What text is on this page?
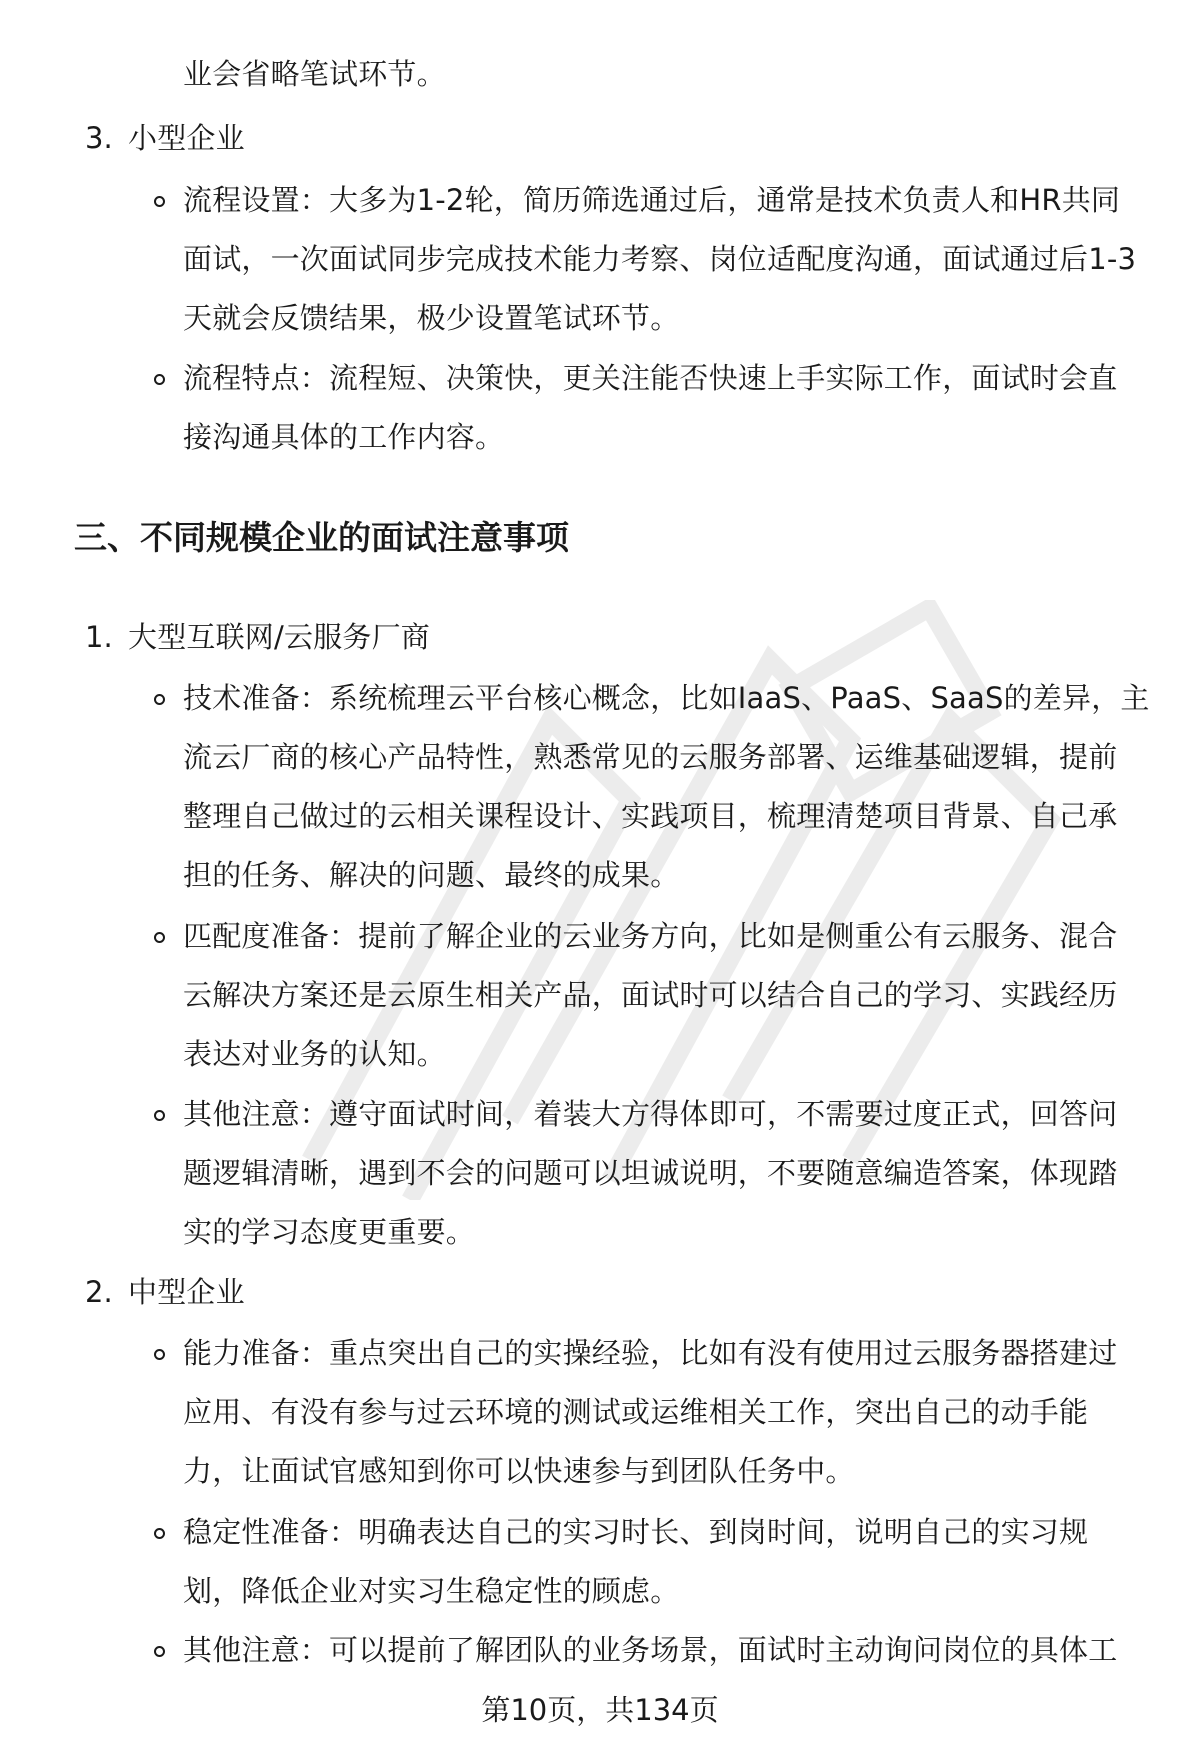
业会省略笔试环节。
3. 小型企业
流程设置：大多为1-2轮，简历筛选通过后，通常是技术负责人和HR共同
面试，一次面试同步完成技术能力考察、岗位适配度沟通，面试通过后1-3
天就会反馈结果，极少设置笔试环节。
流程特点：流程短、决策快，更关注能否快速上手实际工作，面试时会直
接沟通具体的工作内容。
三、不同规模企业的面试注意事项
1. 大型互联网/云服务厂商
技术准备：系统梳理云平台核心概念，比如IaaS、PaaS、SaaS的差异，主
流云厂商的核心产品特性，熟悉常见的云服务部署、运维基础逻辑，提前
整理自己做过的云相关课程设计、实践项目，梳理清楚项目背景、自己承
担的任务、解决的问题、最终的成果。
匹配度准备：提前了解企业的云业务方向，比如是侧重公有云服务、混合
云解决方案还是云原生相关产品，面试时可以结合自己的学习、实践经历
表达对业务的认知。
其他注意：遵守面试时间，着装大方得体即可，不需要过度正式，回答问
题逻辑清晰，遇到不会的问题可以坦诚说明，不要随意编造答案，体现踏
实的学习态度更重要。
2. 中型企业
能力准备：重点突出自己的实操经验，比如有没有使用过云服务器搭建过
应用、有没有参与过云环境的测试或运维相关工作，突出自己的动手能
力，让面试官感知到你可以快速参与到团队任务中。
稳定性准备：明确表达自己的实习时长、到岗时间，说明自己的实习规
划，降低企业对实习生稳定性的顾虑。
其他注意：可以提前了解团队的业务场景，面试时主动询问岗位的具体工
第10页，共134页
